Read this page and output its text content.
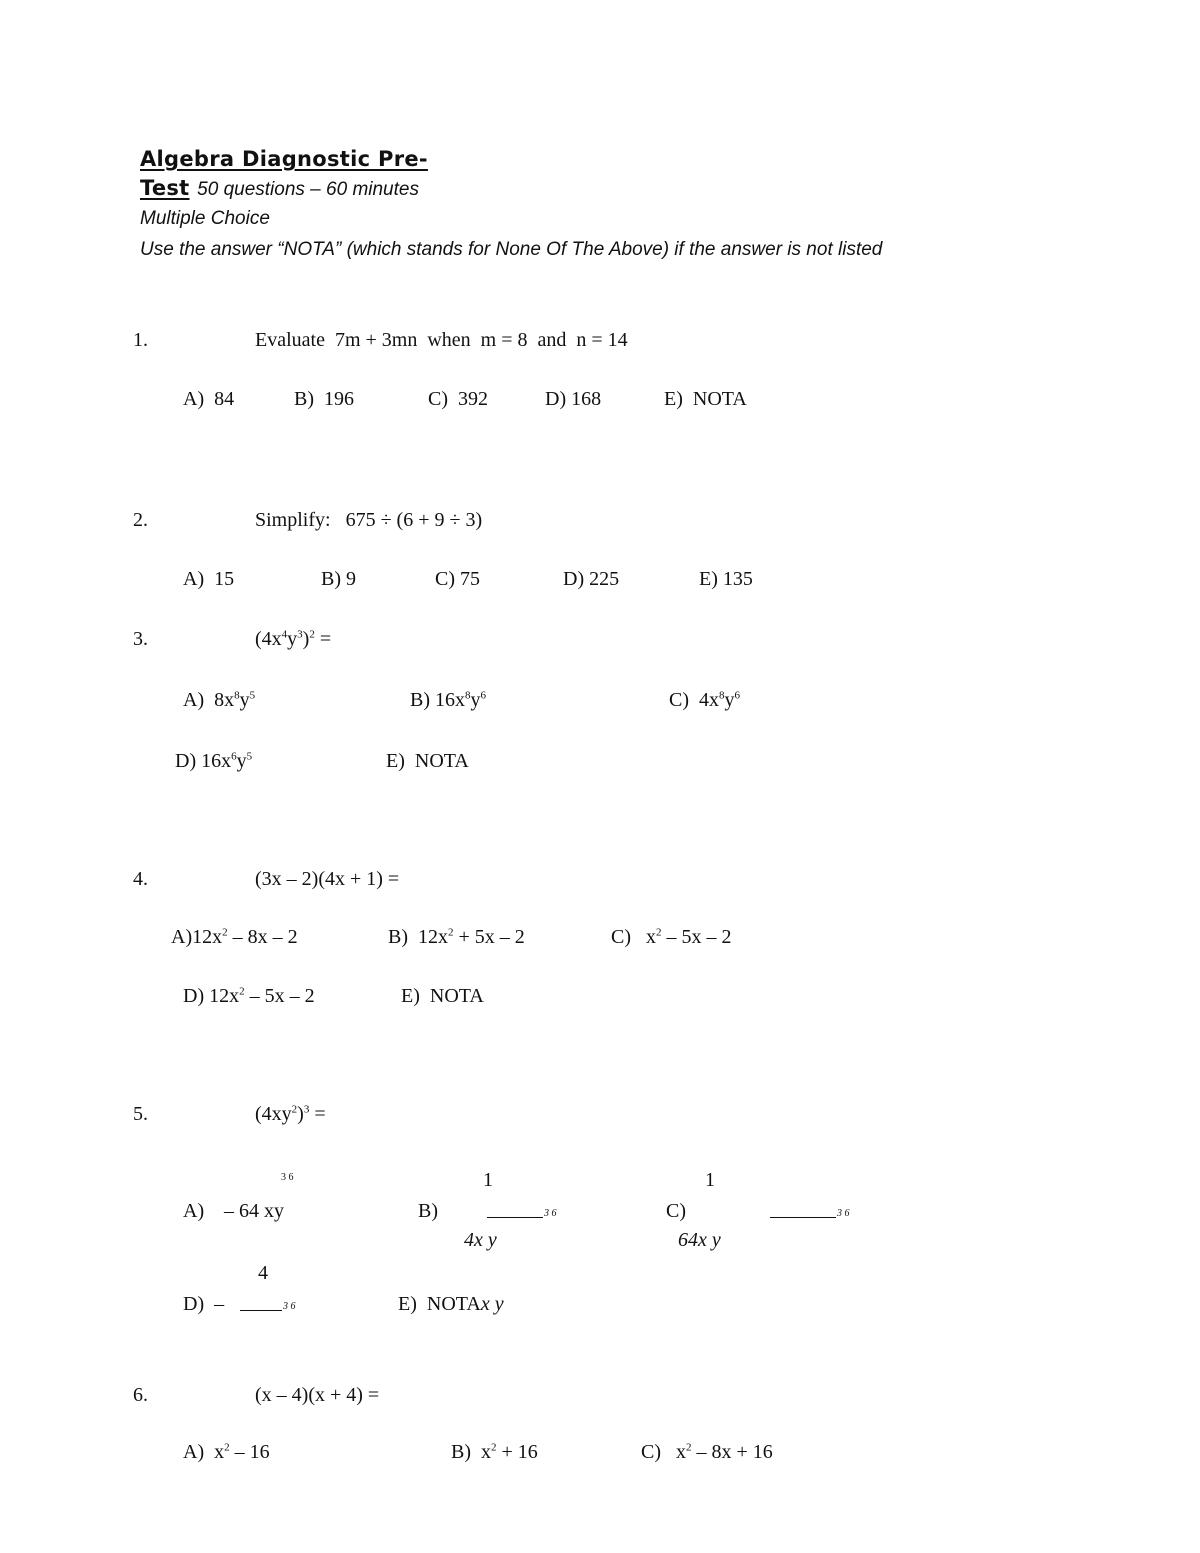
Algebra Diagnostic Pre-
Test 50 questions – 60 minutes
Multiple Choice
Use the answer “NOTA” (which stands for None Of The Above) if the answer is not listed
1.	Evaluate  7m + 3mn  when  m = 8  and  n = 14
A)  84	B)  196	C)  392	D) 168	E)  NOTA
2.	Simplify:   675 ÷ (6 + 9 ÷ 3)
A)  15	B) 9	C) 75	D) 225	E) 135
3.	$(4x^4y^3)^2$ =
A)  $8x^8y^5$	B) $16x^8y^6$	C)  $4x^8y^6$
D) $16x^6y^5$	E)  NOTA
4.	(3x – 2)(4x + 1) =
$A)12x^2 - 8x - 2$	B)  $12x^2 + 5x - 2$	C)   $x^2 - 5x - 2$
D) $12x^2 - 5x - 2$	E)  NOTA
5.	$(4xy^2)^3$ =
3 6
A) – 64 xy	B)
1
3 6
4x y
C)
1
3 6
64x y
4
D)  –	3 6	E)  NOTAx y
6.	(x – 4)(x + 4) =
A)  $x^2 - 16$	B)  $x^2 + 16$	C)   $x^2 - 8x + 16$
